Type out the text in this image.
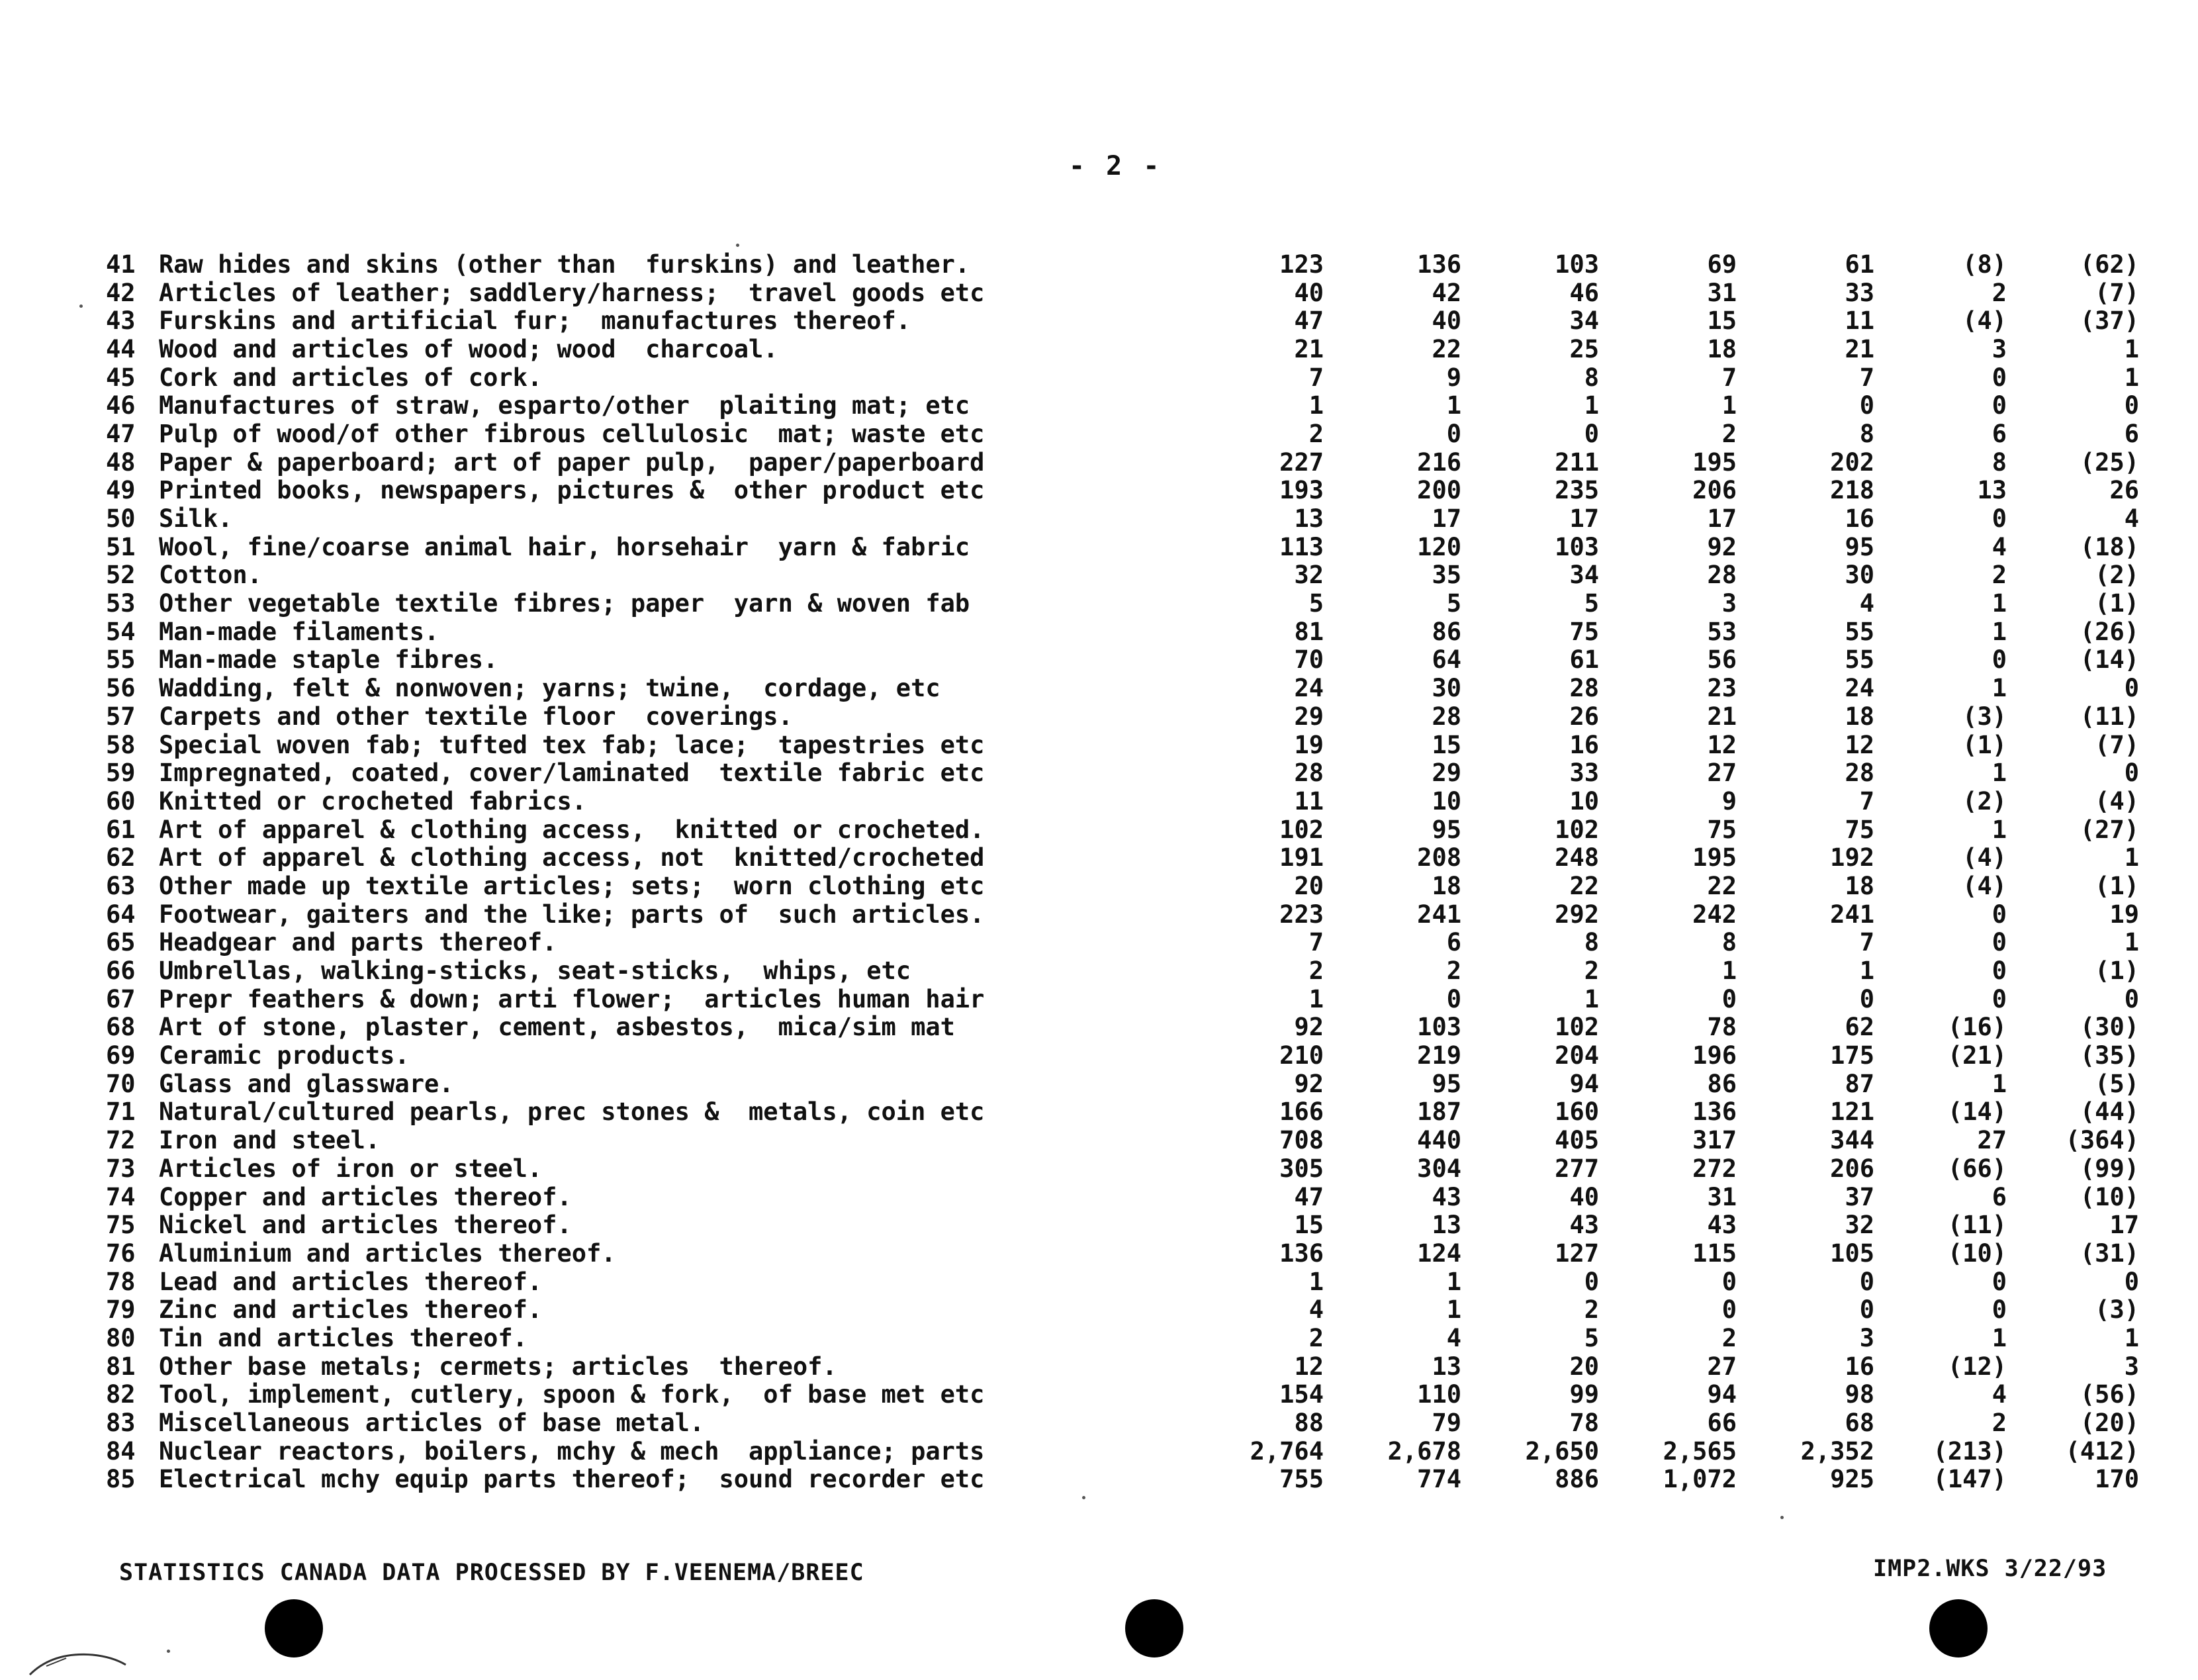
- 2 -
41	Raw hides and skins (other than  furskins) and leather.	123	136	103	69	61	(8)	(62)
42	Articles of leather; saddlery/harness;  travel goods etc	40	42	46	31	33	2	(7)
43	Furskins and artificial fur;  manufactures thereof.	47	40	34	15	11	(4)	(37)
44	Wood and articles of wood; wood  charcoal.	21	22	25	18	21	3	1
45	Cork and articles of cork.	7	9	8	7	7	0	1
46	Manufactures of straw, esparto/other  plaiting mat; etc	1	1	1	1	0	0	0
47	Pulp of wood/of other fibrous cellulosic  mat; waste etc	2	0	0	2	8	6	6
48	Paper & paperboard; art of paper pulp,  paper/paperboard	227	216	211	195	202	8	(25)
49	Printed books, newspapers, pictures &  other product etc	193	200	235	206	218	13	26
50	Silk.	13	17	17	17	16	0	4
51	Wool, fine/coarse animal hair, horsehair  yarn & fabric	113	120	103	92	95	4	(18)
52	Cotton.	32	35	34	28	30	2	(2)
53	Other vegetable textile fibres; paper  yarn & woven fab	5	5	5	3	4	1	(1)
54	Man-made filaments.	81	86	75	53	55	1	(26)
55	Man-made staple fibres.	70	64	61	56	55	0	(14)
56	Wadding, felt & nonwoven; yarns; twine,  cordage, etc	24	30	28	23	24	1	0
57	Carpets and other textile floor  coverings.	29	28	26	21	18	(3)	(11)
58	Special woven fab; tufted tex fab; lace;  tapestries etc	19	15	16	12	12	(1)	(7)
59	Impregnated, coated, cover/laminated  textile fabric etc	28	29	33	27	28	1	0
60	Knitted or crocheted fabrics.	11	10	10	9	7	(2)	(4)
61	Art of apparel & clothing access,  knitted or crocheted.	102	95	102	75	75	1	(27)
62	Art of apparel & clothing access, not  knitted/crocheted	191	208	248	195	192	(4)	1
63	Other made up textile articles; sets;  worn clothing etc	20	18	22	22	18	(4)	(1)
64	Footwear, gaiters and the like; parts of  such articles.	223	241	292	242	241	0	19
65	Headgear and parts thereof.	7	6	8	8	7	0	1
66	Umbrellas, walking-sticks, seat-sticks,  whips, etc	2	2	2	1	1	0	(1)
67	Prepr feathers & down; arti flower;  articles human hair	1	0	1	0	0	0	0
68	Art of stone, plaster, cement, asbestos,  mica/sim mat	92	103	102	78	62	(16)	(30)
69	Ceramic products.	210	219	204	196	175	(21)	(35)
70	Glass and glassware.	92	95	94	86	87	1	(5)
71	Natural/cultured pearls, prec stones &  metals, coin etc	166	187	160	136	121	(14)	(44)
72	Iron and steel.	708	440	405	317	344	27	(364)
73	Articles of iron or steel.	305	304	277	272	206	(66)	(99)
74	Copper and articles thereof.	47	43	40	31	37	6	(10)
75	Nickel and articles thereof.	15	13	43	43	32	(11)	17
76	Aluminium and articles thereof.	136	124	127	115	105	(10)	(31)
78	Lead and articles thereof.	1	1	0	0	0	0	0
79	Zinc and articles thereof.	4	1	2	0	0	0	(3)
80	Tin and articles thereof.	2	4	5	2	3	1	1
81	Other base metals; cermets; articles  thereof.	12	13	20	27	16	(12)	3
82	Tool, implement, cutlery, spoon & fork,  of base met etc	154	110	99	94	98	4	(56)
83	Miscellaneous articles of base metal.	88	79	78	66	68	2	(20)
84	Nuclear reactors, boilers, mchy & mech  appliance; parts	2,764	2,678	2,650	2,565	2,352	(213)	(412)
85	Electrical mchy equip parts thereof;  sound recorder etc	755	774	886	1,072	925	(147)	170
STATISTICS CANADA DATA PROCESSED BY F.VEENEMA/BREEC	IMP2.WKS 3/22/93
